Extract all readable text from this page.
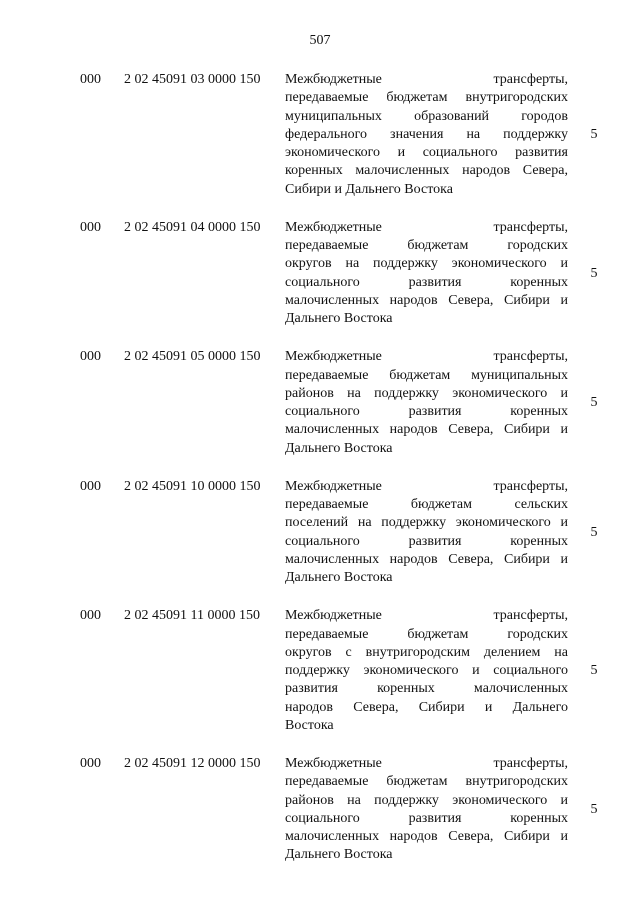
507
000 2 02 45091 03 0000 150 Межбюджетные трансферты,
передаваемые бюджетам внутригородских
муниципальных образований городов
федерального значения на поддержку
экономического и социального развития
коренных малочисленных народов Севера,
Сибири и Дальнего Востока
5
000 2 02 45091 04 0000 150 Межбюджетные трансферты,
передаваемые бюджетам городских
округов на поддержку экономического и
социального развития коренных
малочисленных народов Севера, Сибири и
Дальнего Востока
5
000 2 02 45091 05 0000 150 Межбюджетные трансферты,
передаваемые бюджетам муниципальных
районов на поддержку экономического и
социального развития коренных
малочисленных народов Севера, Сибири и
Дальнего Востока
5
000 2 02 45091 10 0000 150 Межбюджетные трансферты,
передаваемые бюджетам сельских
поселений на поддержку экономического и
социального развития коренных
малочисленных народов Севера, Сибири и
Дальнего Востока
5
000 2 02 45091 11 0000 150 Межбюджетные трансферты,
передаваемые бюджетам городских
округов с внутригородским делением на
поддержку экономического и социального
развития коренных малочисленных
народов Севера, Сибири и Дальнего
Востока
5
000 2 02 45091 12 0000 150 Межбюджетные трансферты,
передаваемые бюджетам внутригородских
районов на поддержку экономического и
социального развития коренных
малочисленных народов Севера, Сибири и
Дальнего Востока
5
